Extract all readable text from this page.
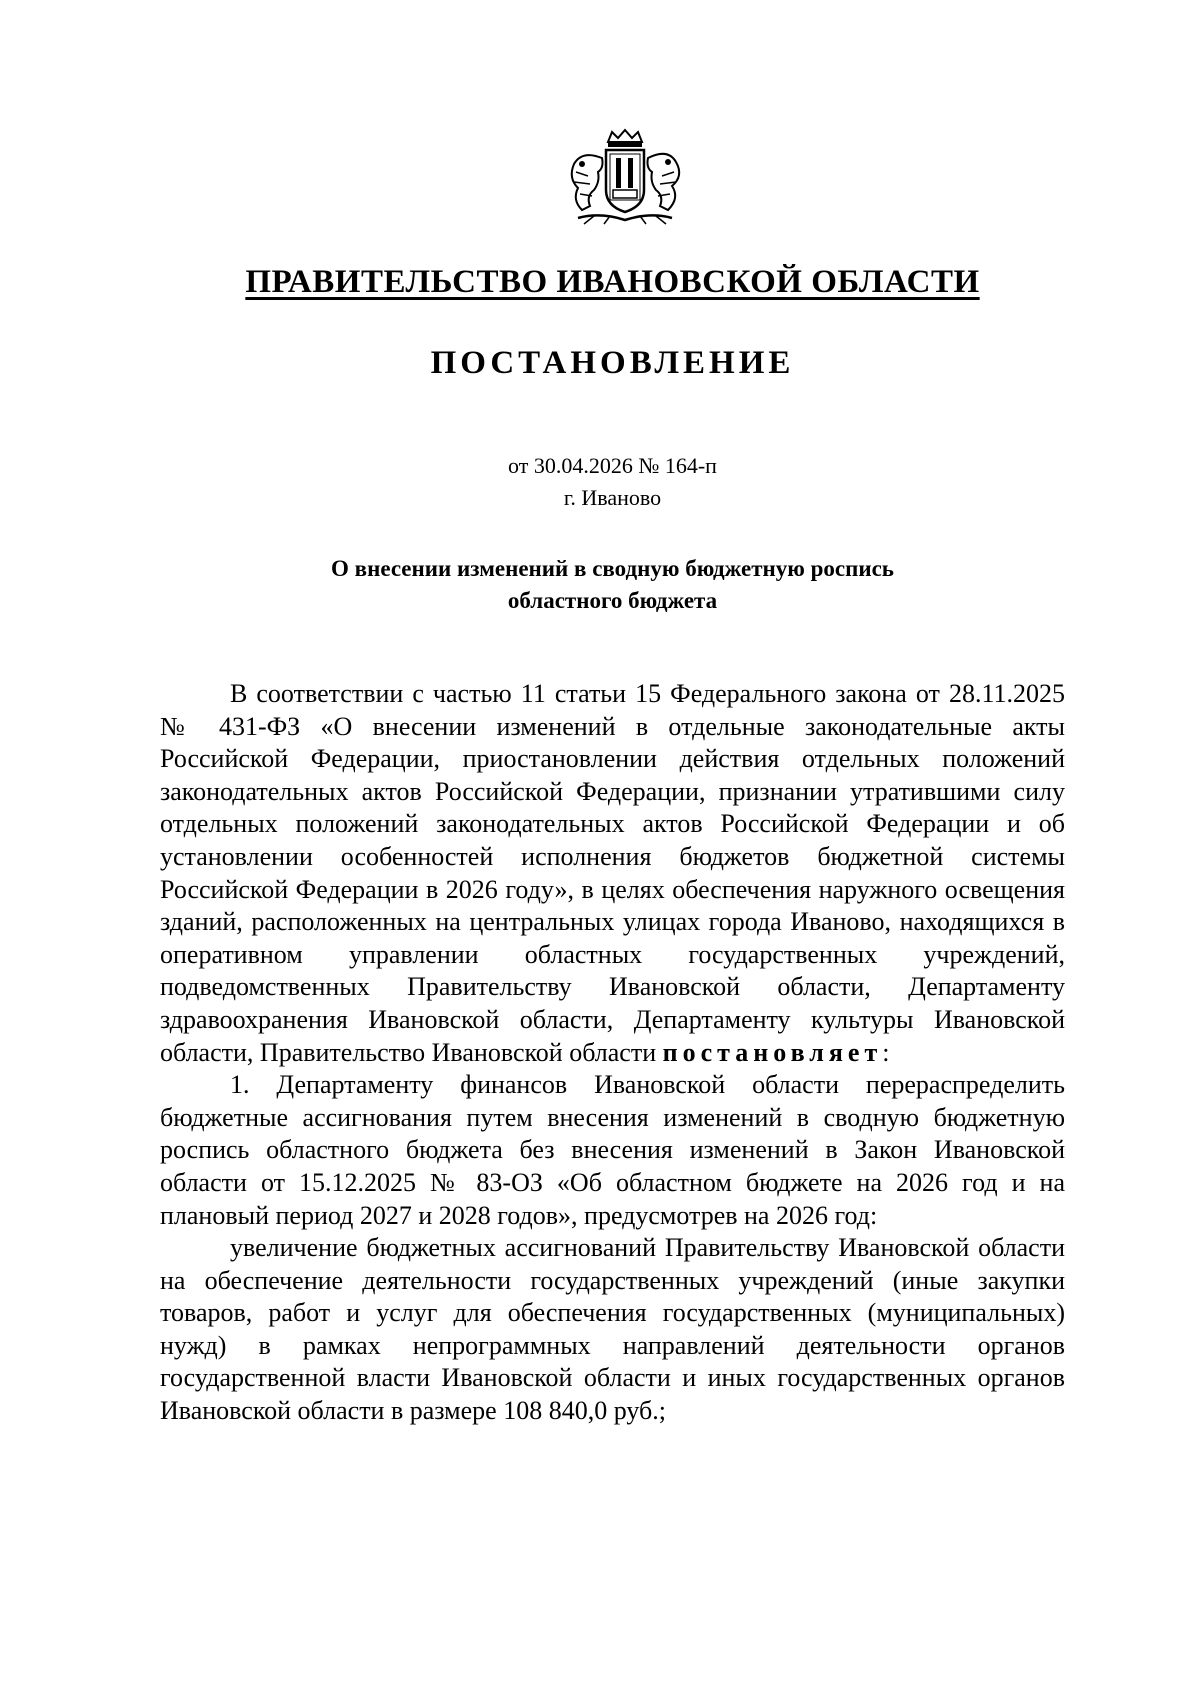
ПРАВИТЕЛЬСТВО ИВАНОВСКОЙ ОБЛАСТИ
ПОСТАНОВЛЕНИЕ
от 30.04.2026 № 164-п
г. Иваново
О внесении изменений в сводную бюджетную роспись
областного бюджета

В соответствии с частью 11 статьи 15 Федерального закона от 28.11.2025 № 431-ФЗ «О внесении изменений в отдельные законодательные акты Российской Федерации, приостановлении действия отдельных положений законодательных актов Российской Федерации, признании утратившими силу отдельных положений законодательных актов Российской Федерации и об установлении особенностей исполнения бюджетов бюджетной системы Российской Федерации в 2026 году», в целях обеспечения наружного освещения зданий, расположенных на центральных улицах города Иваново, находящихся в оперативном управлении областных государственных учреждений, подведомственных Правительству Ивановской области, Департаменту здравоохранения Ивановской области, Департаменту культуры Ивановской области, Правительство Ивановской области постановляет:

1. Департаменту финансов Ивановской области перераспределить бюджетные ассигнования путем внесения изменений в сводную бюджетную роспись областного бюджета без внесения изменений в Закон Ивановской области от 15.12.2025 № 83-ОЗ «Об областном бюджете на 2026 год и на плановый период 2027 и 2028 годов», предусмотрев на 2026 год:

увеличение бюджетных ассигнований Правительству Ивановской области на обеспечение деятельности государственных учреждений (иные закупки товаров, работ и услуг для обеспечения государственных (муниципальных) нужд) в рамках непрограммных направлений деятельности органов государственной власти Ивановской области и иных государственных органов Ивановской области в размере 108 840,0 руб.;
